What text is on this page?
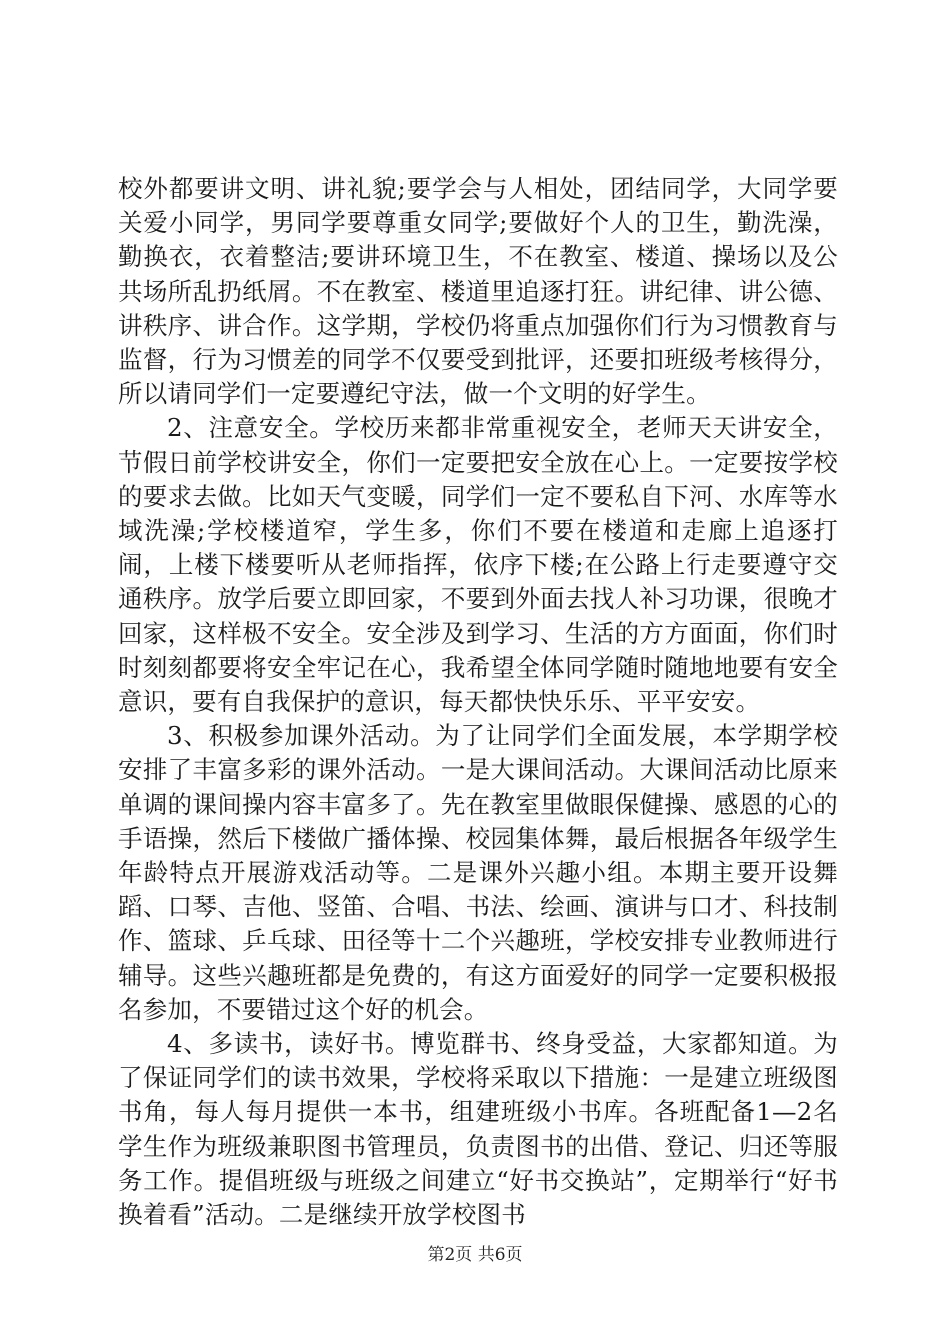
校外都要讲文明、讲礼貌;要学会与人相处，团结同学，大同学要关爱小同学，男同学要尊重女同学;要做好个人的卫生，勤洗澡，勤换衣，衣着整洁;要讲环境卫生，不在教室、楼道、操场以及公共场所乱扔纸屑。不在教室、楼道里追逐打狂。讲纪律、讲公德、讲秩序、讲合作。这学期，学校仍将重点加强你们行为习惯教育与监督，行为习惯差的同学不仅要受到批评，还要扣班级考核得分，所以请同学们一定要遵纪守法，做一个文明的好学生。

2、注意安全。学校历来都非常重视安全，老师天天讲安全，节假日前学校讲安全，你们一定要把安全放在心上。一定要按学校的要求去做。比如天气变暖，同学们一定不要私自下河、水库等水域洗澡;学校楼道窄，学生多，你们不要在楼道和走廊上追逐打闹，上楼下楼要听从老师指挥，依序下楼;在公路上行走要遵守交通秩序。放学后要立即回家，不要到外面去找人补习功课，很晚才回家，这样极不安全。安全涉及到学习、生活的方方面面，你们时时刻刻都要将安全牢记在心，我希望全体同学随时随地地要有安全意识，要有自我保护的意识，每天都快快乐乐、平平安安。

3、积极参加课外活动。为了让同学们全面发展，本学期学校安排了丰富多彩的课外活动。一是大课间活动。大课间活动比原来单调的课间操内容丰富多了。先在教室里做眼保健操、感恩的心的手语操，然后下楼做广播体操、校园集体舞，最后根据各年级学生年龄特点开展游戏活动等。二是课外兴趣小组。本期主要开设舞蹈、口琴、吉他、竖笛、合唱、书法、绘画、演讲与口才、科技制作、篮球、乒乓球、田径等十二个兴趣班，学校安排专业教师进行辅导。这些兴趣班都是免费的，有这方面爱好的同学一定要积极报名参加，不要错过这个好的机会。

4、多读书，读好书。博览群书、终身受益，大家都知道。为了保证同学们的读书效果，学校将采取以下措施：一是建立班级图书角，每人每月提供一本书，组建班级小书库。各班配备1—2名学生作为班级兼职图书管理员，负责图书的出借、登记、归还等服务工作。提倡班级与班级之间建立“好书交换站”，定期举行“好书换着看”活动。二是继续开放学校图书

第2页 共6页
